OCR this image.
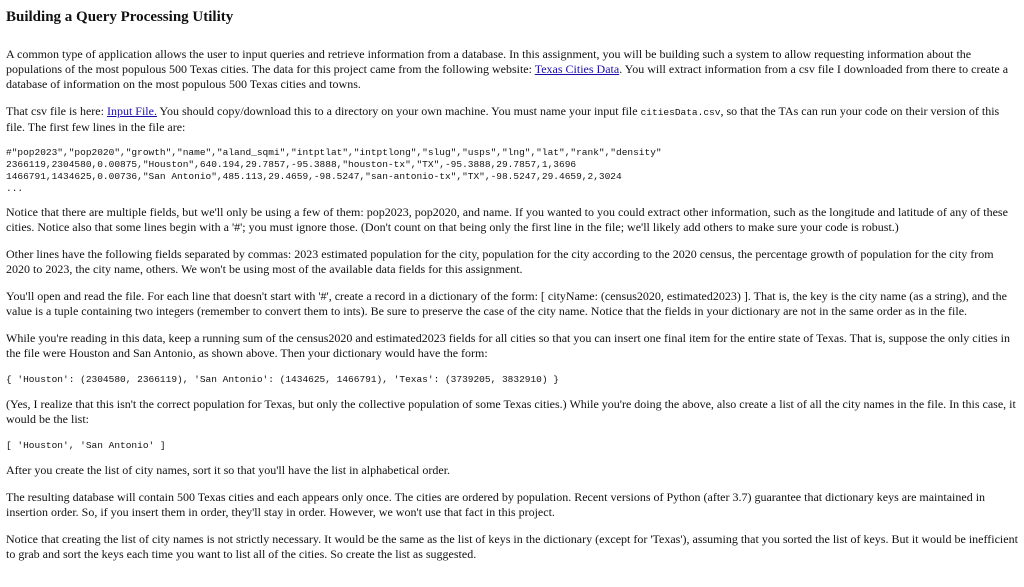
Building a Query Processing Utility

A common type of application allows the user to input queries and retrieve information from a database. In this assignment, you will be building such a system to allow requesting information about the populations of the most populous 500 Texas cities. The data for this project came from the following website: Texas Cities Data. You will extract information from a csv file I downloaded from there to create a database of information on the most populous 500 Texas cities and towns.

That csv file is here: Input File. You should copy/download this to a directory on your own machine. You must name your input file citiesData.csv, so that the TAs can run your code on their version of this file. The first few lines in the file are:

#"pop2023","pop2020","growth","name","aland_sqmi","intptlat","intptlong","slug","usps","lng","lat","rank","density"
2366119,2304580,0.00875,"Houston",640.194,29.7857,-95.3888,"houston-tx","TX",-95.3888,29.7857,1,3696
1466791,1434625,0.00736,"San Antonio",485.113,29.4659,-98.5247,"san-antonio-tx","TX",-98.5247,29.4659,2,3024
...

Notice that there are multiple fields, but we'll only be using a few of them: pop2023, pop2020, and name. If you wanted to you could extract other information, such as the longitude and latitude of any of these cities. Notice also that some lines begin with a '#'; you must ignore those. (Don't count on that being only the first line in the file; we'll likely add others to make sure your code is robust.)

Other lines have the following fields separated by commas: 2023 estimated population for the city, population for the city according to the 2020 census, the percentage growth of population for the city from 2020 to 2023, the city name, others. We won't be using most of the available data fields for this assignment.

You'll open and read the file. For each line that doesn't start with '#', create a record in a dictionary of the form: [ cityName: (census2020, estimated2023) ]. That is, the key is the city name (as a string), and the value is a tuple containing two integers (remember to convert them to ints). Be sure to preserve the case of the city name. Notice that the fields in your dictionary are not in the same order as in the file.

While you're reading in this data, keep a running sum of the census2020 and estimated2023 fields for all cities so that you can insert one final item for the entire state of Texas. That is, suppose the only cities in the file were Houston and San Antonio, as shown above. Then your dictionary would have the form:

{ 'Houston': (2304580, 2366119), 'San Antonio': (1434625, 1466791), 'Texas': (3739205, 3832910) }

(Yes, I realize that this isn't the correct population for Texas, but only the collective population of some Texas cities.) While you're doing the above, also create a list of all the city names in the file. In this case, it would be the list:

[ 'Houston', 'San Antonio' ]

After you create the list of city names, sort it so that you'll have the list in alphabetical order.

The resulting database will contain 500 Texas cities and each appears only once. The cities are ordered by population. Recent versions of Python (after 3.7) guarantee that dictionary keys are maintained in insertion order. So, if you insert them in order, they'll stay in order. However, we won't use that fact in this project.

Notice that creating the list of city names is not strictly necessary. It would be the same as the list of keys in the dictionary (except for 'Texas'), assuming that you sorted the list of keys. But it would be inefficient to grab and sort the keys each time you want to list all of the cities. So create the list as suggested.
